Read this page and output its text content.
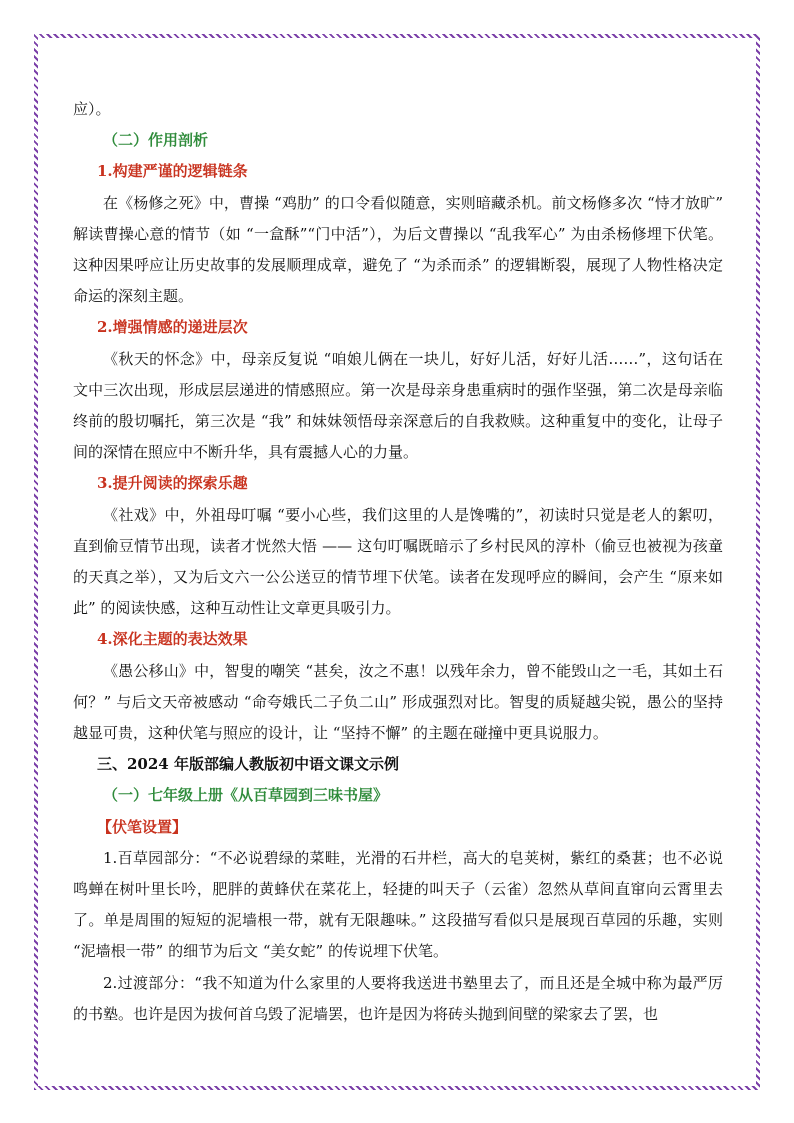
应）。

（二）作用剖析

1.构建严谨的逻辑链条

在《杨修之死》中，曹操 “鸡肋” 的口令看似随意，实则暗藏杀机。前文杨修多次 “恃才放旷” 解读曹操心意的情节（如 “一盒酥”“门中活”），为后文曹操以 “乱我军心” 为由杀杨修埋下伏笔。这种因果呼应让历史故事的发展顺理成章，避免了 “为杀而杀” 的逻辑断裂，展现了人物性格决定命运的深刻主题。

2.增强情感的递进层次

《秋天的怀念》中，母亲反复说 “咱娘儿俩在一块儿，好好儿活，好好儿活……”，这句话在文中三次出现，形成层层递进的情感照应。第一次是母亲身患重病时的强作坚强，第二次是母亲临终前的殷切嘱托，第三次是 “我” 和妹妹领悟母亲深意后的自我救赎。这种重复中的变化，让母子间的深情在照应中不断升华，具有震撼人心的力量。

3.提升阅读的探索乐趣

《社戏》中，外祖母叮嘱 “要小心些，我们这里的人是馋嘴的”，初读时只觉是老人的絮叨，直到偷豆情节出现，读者才恍然大悟 —— 这句叮嘱既暗示了乡村民风的淳朴（偷豆也被视为孩童的天真之举），又为后文六一公公送豆的情节埋下伏笔。读者在发现呼应的瞬间，会产生 “原来如此” 的阅读快感，这种互动性让文章更具吸引力。

4.深化主题的表达效果

《愚公移山》中，智叟的嘲笑 “甚矣，汝之不惠！以残年余力，曾不能毁山之一毛，其如土石何？” 与后文天帝被感动 “命夸娥氏二子负二山” 形成强烈对比。智叟的质疑越尖锐，愚公的坚持越显可贵，这种伏笔与照应的设计，让 “坚持不懈” 的主题在碰撞中更具说服力。

三、2024 年版部编人教版初中语文课文示例

（一）七年级上册《从百草园到三味书屋》

【伏笔设置】

1.百草园部分：“不必说碧绿的菜畦，光滑的石井栏，高大的皂荚树，紫红的桑葚；也不必说鸣蝉在树叶里长吟，肥胖的黄蜂伏在菜花上，轻捷的叫天子（云雀）忽然从草间直窜向云霄里去了。单是周围的短短的泥墙根一带，就有无限趣味。” 这段描写看似只是展现百草园的乐趣，实则 “泥墙根一带” 的细节为后文 “美女蛇” 的传说埋下伏笔。

2.过渡部分：“我不知道为什么家里的人要将我送进书塾里去了，而且还是全城中称为最严厉的书塾。也许是因为拔何首乌毁了泥墙罢，也许是因为将砖头抛到间壁的梁家去了罢，也
